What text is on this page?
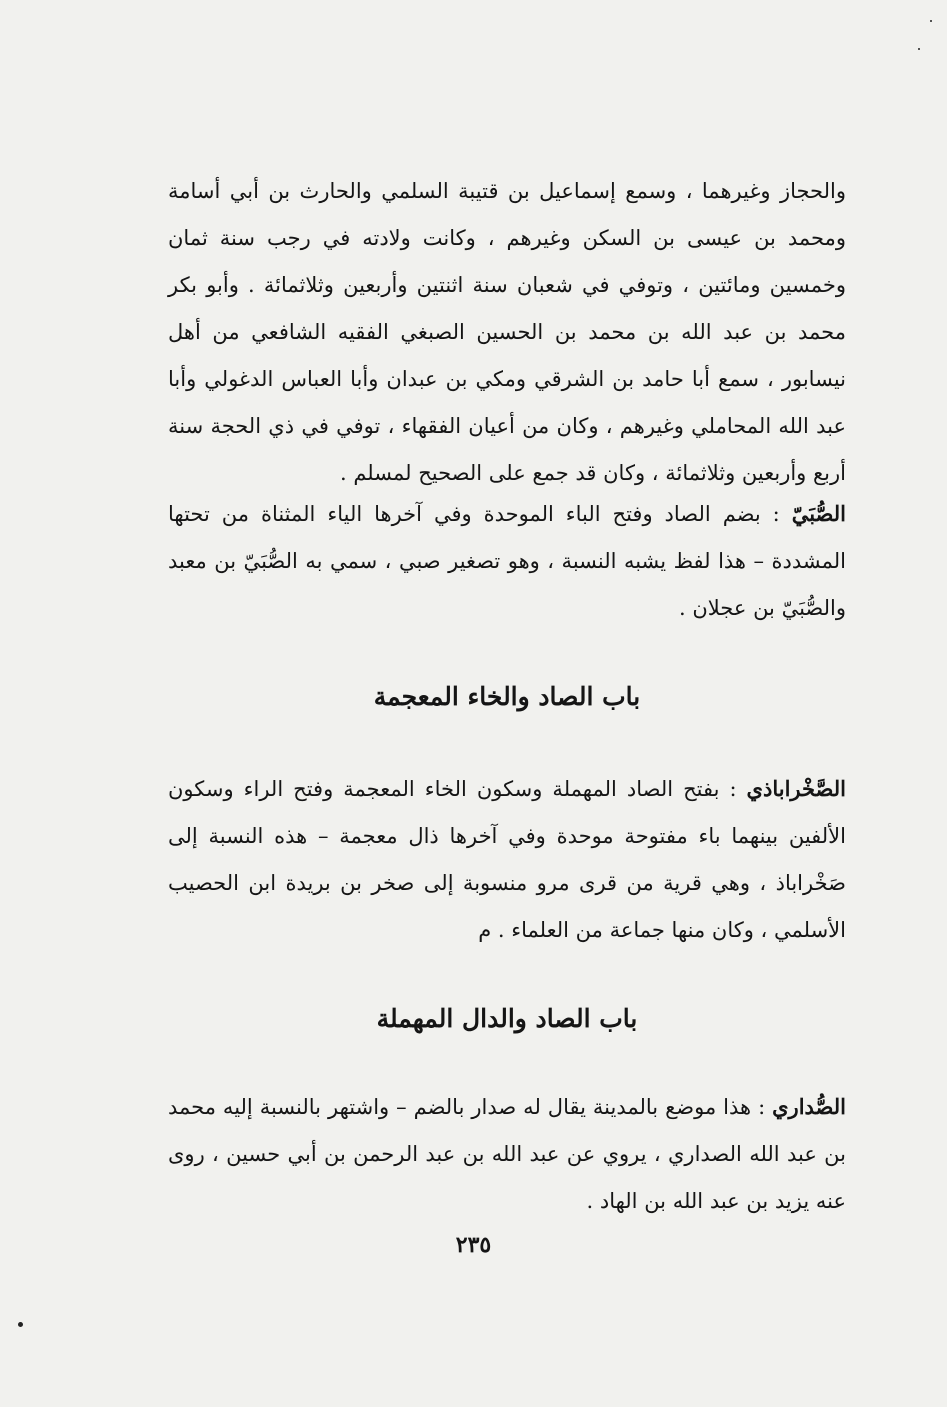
والحجاز وغيرهما ، وسمع إسماعيل بن قتيبة السلمي والحارث بن أبي أسامة ومحمد بن عيسى بن السكن وغيرهم ، وكانت ولادته في رجب سنة ثمان وخمسين ومائتين ، وتوفي في شعبان سنة اثنتين وأربعين وثلاثمائة . وأبو بكر محمد بن عبد الله بن محمد بن الحسين الصبغي الفقيه الشافعي من أهل نيسابور ، سمع أبا حامد بن الشرقي ومكي بن عبدان وأبا العباس الدغولي وأبا عبد الله المحاملي وغيرهم ، وكان من أعيان الفقهاء ، توفي في ذي الحجة سنة أربع وأربعين وثلاثمائة ، وكان قد جمع على الصحيح لمسلم .

الصُّبَيّ : بضم الصاد وفتح الباء الموحدة وفي آخرها الياء المثناة من تحتها المشددة – هذا لفظ يشبه النسبة ، وهو تصغير صبي ، سمي به الصُّبَيّ بن معبد والصُّبَيّ بن عجلان .

باب الصاد والخاء المعجمة

الصَّخْراباذي : بفتح الصاد المهملة وسكون الخاء المعجمة وفتح الراء وسكون الألفين بينهما باء مفتوحة موحدة وفي آخرها ذال معجمة – هذه النسبة إلى صَخْراباذ ، وهي قرية من قرى مرو منسوبة إلى صخر بن بريدة ابن الحصيب الأسلمي ، وكان منها جماعة من العلماء . م

باب الصاد والدال المهملة

الصُّداري : هذا موضع بالمدينة يقال له صدار بالضم – واشتهر بالنسبة إليه محمد بن عبد الله الصداري ، يروي عن عبد الله بن عبد الرحمن بن أبي حسين ، روى عنه يزيد بن عبد الله بن الهاد .

٢٣٥
